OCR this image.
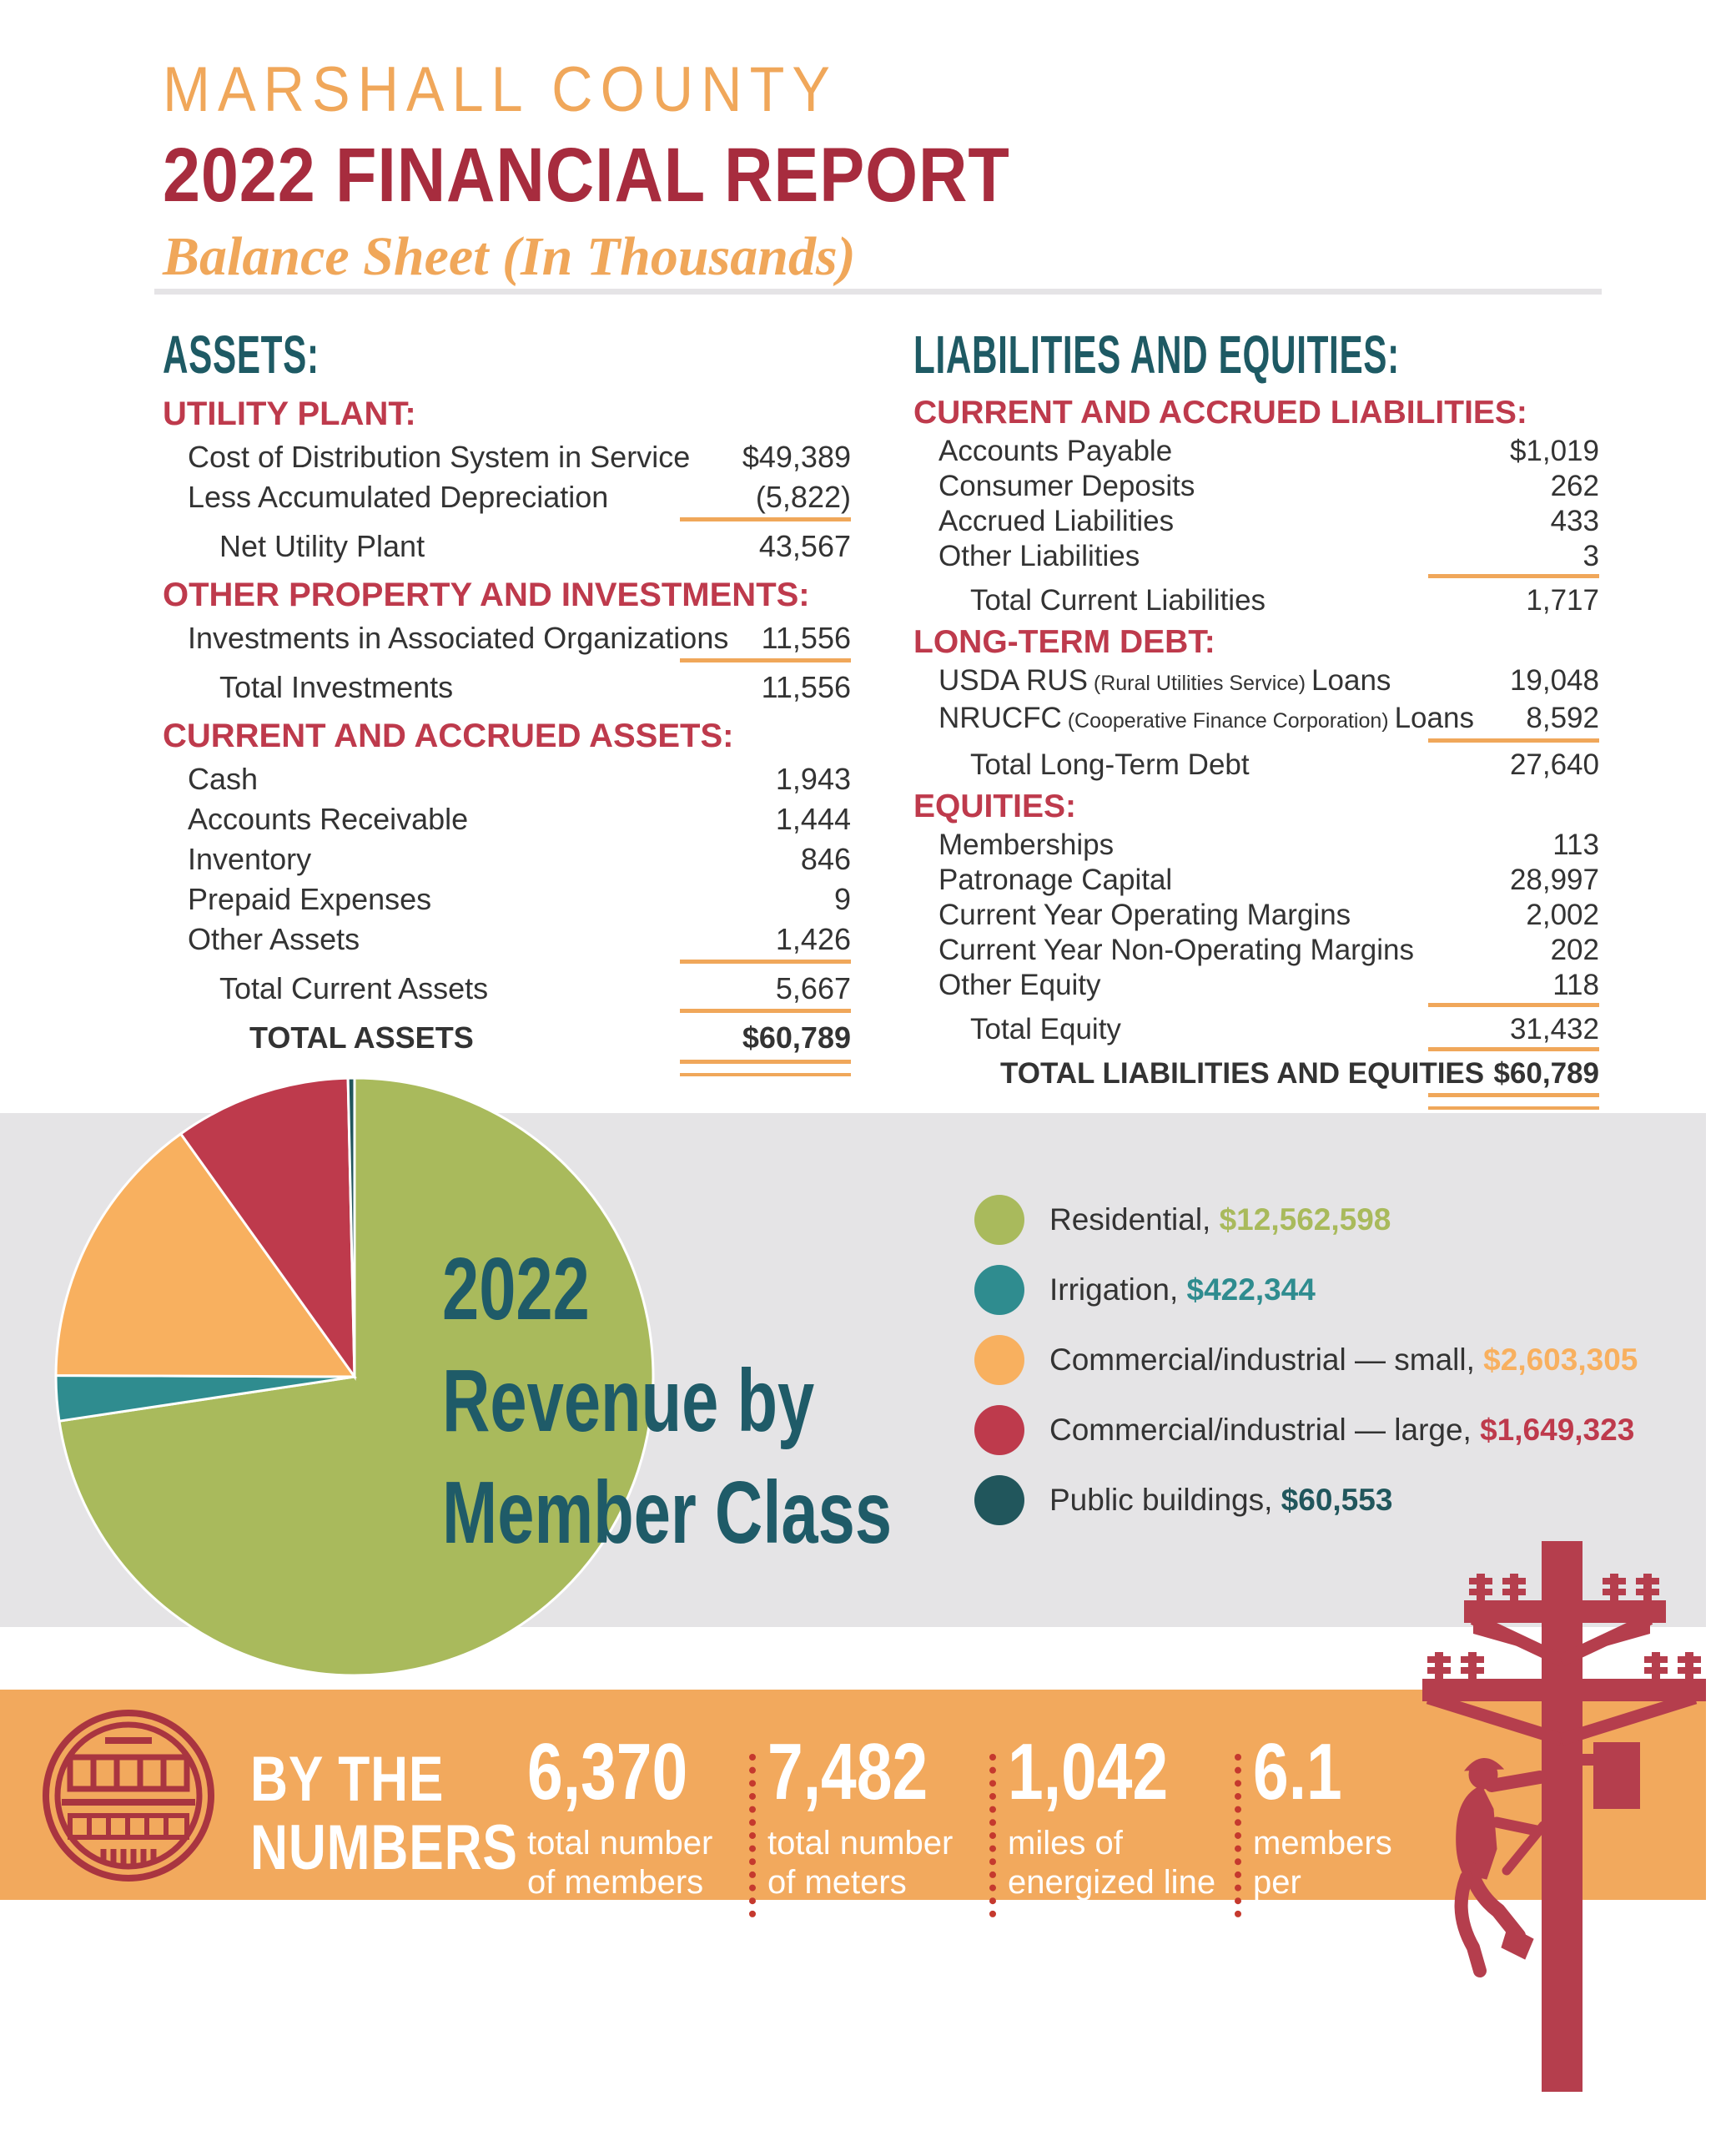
MARSHALL COUNTY
2022 FINANCIAL REPORT
Balance Sheet (In Thousands)
ASSETS:
UTILITY PLANT:
Cost of Distribution System in Service $49,389
Less Accumulated Depreciation	(5,822)
Net Utility Plant	43,567
OTHER PROPERTY AND INVESTMENTS:
Investments in Associated Organizations 11,556
Total Investments	11,556
CURRENT AND ACCRUED ASSETS:
Cash	1,943
Accounts Receivable	1,444
Inventory	846
Prepaid Expenses	9
Other Assets	1,426
Total Current Assets	5,667
TOTAL ASSETS	$60,789
LIABILITIES AND EQUITIES:
CURRENT AND ACCRUED LIABILITIES:
Accounts Payable	$1,019
Consumer Deposits	262
Accrued Liabilities	433
Other Liabilities	3
Total Current Liabilities	1,717
LONG-TERM DEBT:
USDA RUS (Rural Utilities Service) Loans	19,048
NRUCFC (Cooperative Finance Corporation) Loans 8,592
Total Long-Term Debt	27,640
EQUITIES:
Memberships	113
Patronage Capital	28,997
Current Year Operating Margins	2,002
Current Year Non-Operating Margins	202
Other Equity	118
Total Equity	31,432
TOTAL LIABILITIES AND EQUITIES $60,789
2022
Revenue by
Member Class
Residential, $12,562,598
Irrigation, $422,344
Commercial/industrial — small, $2,603,305
Commercial/industrial — large, $1,649,323
Public buildings, $60,553
BY THE
NUMBERS
6,370
total number
of members
7,482
total number
of meters
1,042
miles of
energized line
6.1
members per
mile of line
